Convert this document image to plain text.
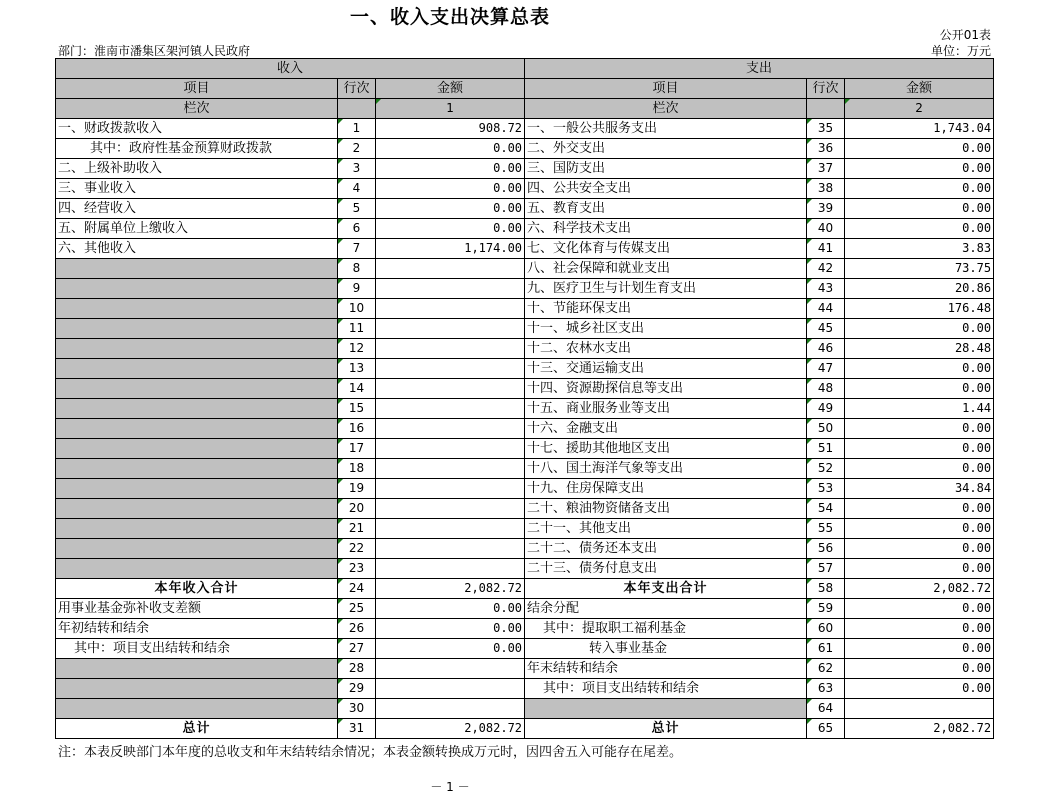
一、收入支出决算总表
公开01表
部门：淮南市潘集区架河镇人民政府	单位：万元
收入			支出		
项目	行次	金额	项目	行次	金额
栏次		1	栏次		2
一、财政拨款收入	1	908.72	一、一般公共服务支出	35	1,743.04
其中：政府性基金预算财政拨款	2	0.00	二、外交支出	36	0.00
二、上级补助收入	3	0.00	三、国防支出	37	0.00
三、事业收入	4	0.00	四、公共安全支出	38	0.00
四、经营收入	5	0.00	五、教育支出	39	0.00
五、附属单位上缴收入	6	0.00	六、科学技术支出	40	0.00
六、其他收入	7	1,174.00	七、文化体育与传媒支出	41	3.83
	8		八、社会保障和就业支出	42	73.75
	9		九、医疗卫生与计划生育支出	43	20.86
	10		十、节能环保支出	44	176.48
	11		十一、城乡社区支出	45	0.00
	12		十二、农林水支出	46	28.48
	13		十三、交通运输支出	47	0.00
	14		十四、资源勘探信息等支出	48	0.00
	15		十五、商业服务业等支出	49	1.44
	16		十六、金融支出	50	0.00
	17		十七、援助其他地区支出	51	0.00
	18		十八、国土海洋气象等支出	52	0.00
	19		十九、住房保障支出	53	34.84
	20		二十、粮油物资储备支出	54	0.00
	21		二十一、其他支出	55	0.00
	22		二十二、债务还本支出	56	0.00
	23		二十三、债务付息支出	57	0.00
本年收入合计	24	2,082.72	本年支出合计	58	2,082.72
用事业基金弥补收支差额	25	0.00	结余分配	59	0.00
年初结转和结余	26	0.00	其中：提取职工福利基金	60	0.00
其中：项目支出结转和结余	27	0.00	转入事业基金	61	0.00
	28		年末结转和结余	62	0.00
	29		其中：项目支出结转和结余	63	0.00
	30			64	
总计	31	2,082.72	总计	65	2,082.72
注：本表反映部门本年度的总收支和年末结转结余情况；本表金额转换成万元时，因四舍五入可能存在尾差。
－ 1 －
